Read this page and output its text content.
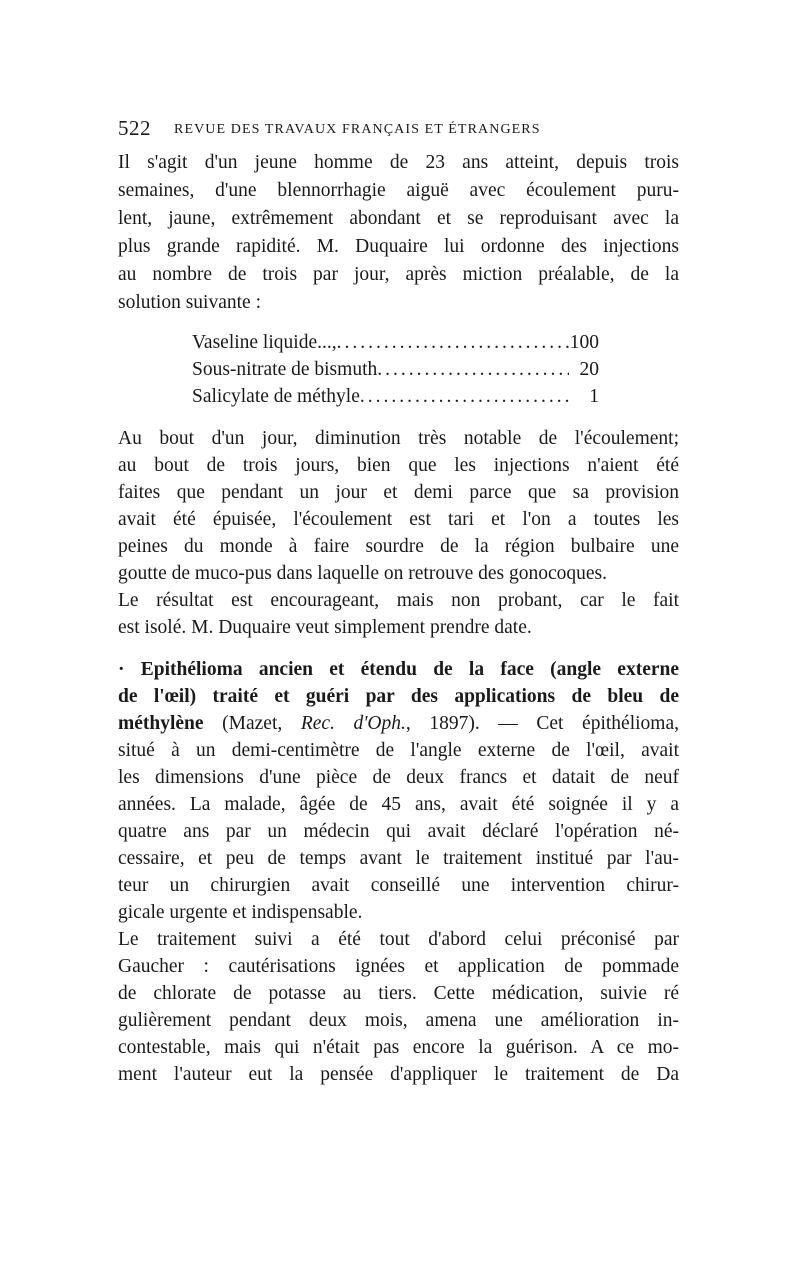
522 REVUE DES TRAVAUX FRANÇAIS ET ÉTRANGERS
Il s'agit d'un jeune homme de 23 ans atteint, depuis trois
semaines, d'une blennorrhagie aiguë avec écoulement puru-
lent, jaune, extrêmement abondant et se reproduisant avec la
plus grande rapidité. M. Duquaire lui ordonne des injections
au nombre de trois par jour, après miction préalable, de la
solution suivante :
Vaseline liquide..., .....	100
Sous-nitrate de bismuth .....	20
Salicylate de méthyle .....	1
Au bout d'un jour, diminution très notable de l'écoulement;
au bout de trois jours, bien que les injections n'aient été
faites que pendant un jour et demi parce que sa provision
avait été épuisée, l'écoulement est tari et l'on a toutes les
peines du monde à faire sourdre de la région bulbaire une
goutte de muco-pus dans laquelle on retrouve des gonocoques.
Le résultat est encourageant, mais non probant, car le fait
est isolé. M. Duquaire veut simplement prendre date.
· Epithélioma ancien et étendu de la face (angle externe
de l'œil) traité et guéri par des applications de bleu de
méthylène (Mazet, Rec. d'Oph., 1897). — Cet épithélioma,
situé à un demi-centimètre de l'angle externe de l'œil, avait
les dimensions d'une pièce de deux francs et datait de neuf
années. La malade, âgée de 45 ans, avait été soignée il y a
quatre ans par un médecin qui avait déclaré l'opération né-
cessaire, et peu de temps avant le traitement institué par l'au-
teur un chirurgien avait conseillé une intervention chirur-
gicale urgente et indispensable.
Le traitement suivi a été tout d'abord celui préconisé par
Gaucher : cautérisations ignées et application de pommade
de chlorate de potasse au tiers. Cette médication, suivie ré
gulièrement pendant deux mois, amena une amélioration in-
contestable, mais qui n'était pas encore la guérison. A ce mo-
ment l'auteur eut la pensée d'appliquer le traitement de Da
